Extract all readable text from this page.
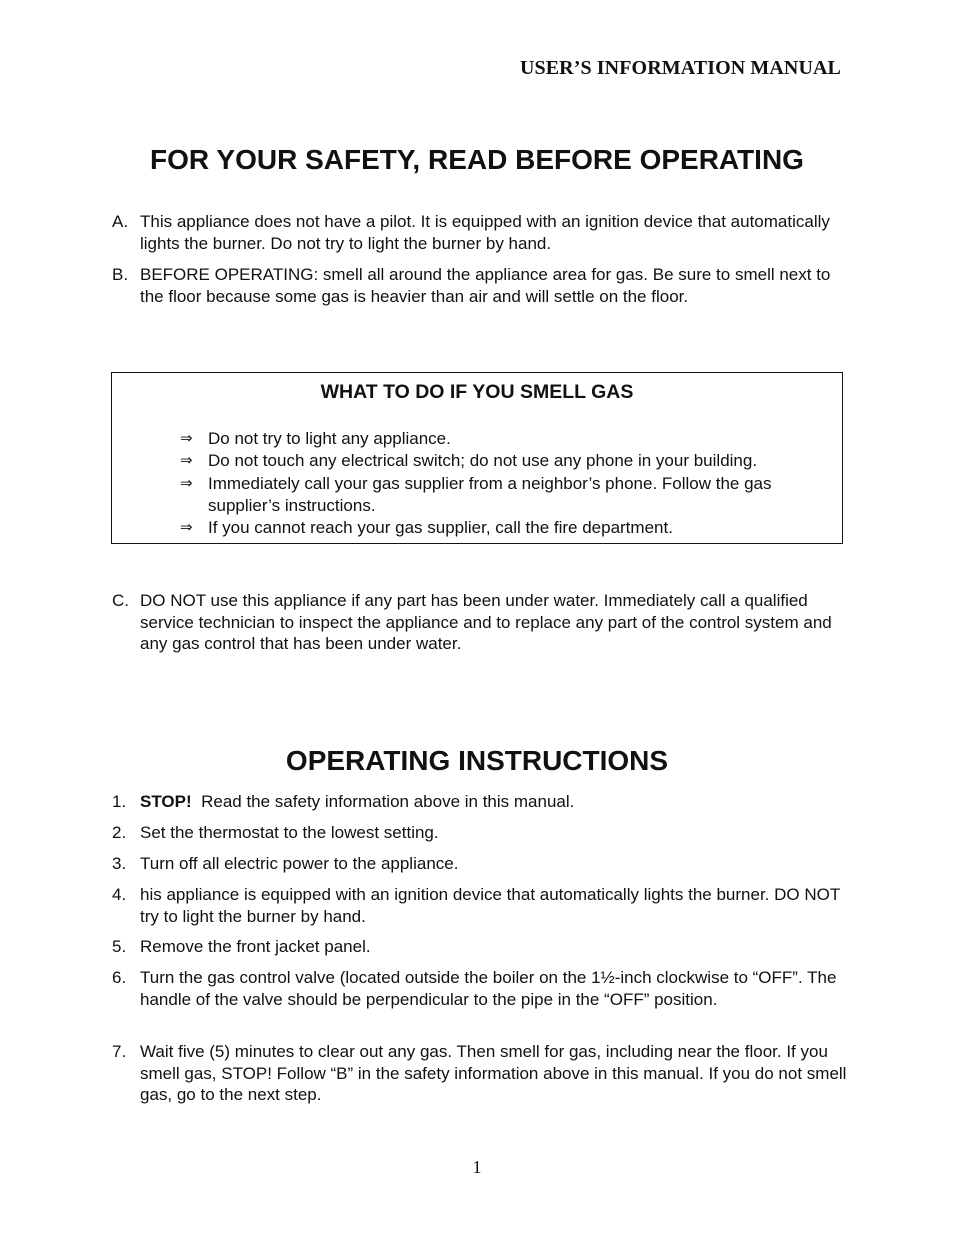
USER’S INFORMATION MANUAL
FOR YOUR SAFETY, READ BEFORE OPERATING
A. This appliance does not have a pilot. It is equipped with an ignition device that automatically lights the burner. Do not try to light the burner by hand.
B. BEFORE OPERATING: smell all around the appliance area for gas. Be sure to smell next to the floor because some gas is heavier than air and will settle on the floor.
WHAT TO DO IF YOU SMELL GAS
⇒ Do not try to light any appliance.
⇒ Do not touch any electrical switch; do not use any phone in your building.
⇒ Immediately call your gas supplier from a neighbor’s phone. Follow the gas supplier’s instructions.
⇒ If you cannot reach your gas supplier, call the fire department.
C. DO NOT use this appliance if any part has been under water. Immediately call a qualified service technician to inspect the appliance and to replace any part of the control system and any gas control that has been under water.
OPERATING INSTRUCTIONS
1. STOP!  Read the safety information above in this manual.
2. Set the thermostat to the lowest setting.
3. Turn off all electric power to the appliance.
4. his appliance is equipped with an ignition device that automatically lights the burner. DO NOT try to light the burner by hand.
5. Remove the front jacket panel.
6. Turn the gas control valve (located outside the boiler on the 1½-inch clockwise to “OFF”. The handle of the valve should be perpendicular to the pipe in the “OFF” position.
7. Wait five (5) minutes to clear out any gas. Then smell for gas, including near the floor. If you smell gas, STOP! Follow “B” in the safety information above in this manual. If you do not smell gas, go to the next step.
1
